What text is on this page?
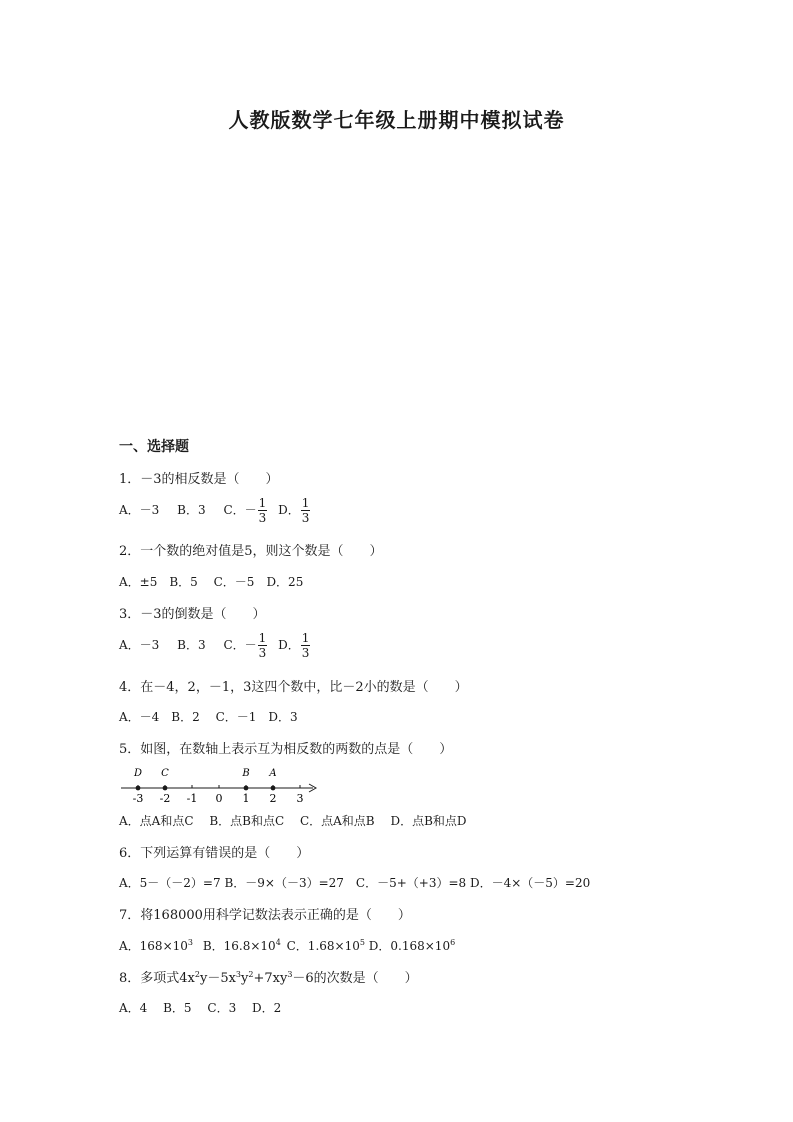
人教版数学七年级上册期中模拟试卷
一、选择题
1．－3的相反数是（　　）
A．－3 B．3 C．－ $\frac{1}{3}$ D． $\frac{1}{3}$
2．一个数的绝对值是5，则这个数是（　　）
A．±5　B．5　 C．－5　D．25
3．－3的倒数是（　　）
A．－3 B．3 C．－ $\frac{1}{3}$ D． $\frac{1}{3}$
4．在－4，2，－1，3这四个数中，比－2小的数是（　　）
A．－4　B．2　 C．－1　D．3
5．如图，在数轴上表示互为相反数的两数的点是（　　）
-3 -2 -1 0 1 2 3
D C	B A
A．点A和点C　 B．点B和点C　 C．点A和点B　 D．点B和点D
6．下列运算有错误的是（　　）
A．5－（－2）=7 B．－9×（－3）=27　C．－5+（+3）=8 D．－4×（－5）=20
7．将168000用科学记数法表示正确的是（　　）
A．$168\times 10^3$ B．$16.8\times 10^4$ C．$1.68\times 10^5$ D．$0.168\times 10^6$
8．多项式$4x^2y-5x^3y^2+7xy^3-6$的次数是（　　）
A．4　 B．5　 C．3　 D．2
